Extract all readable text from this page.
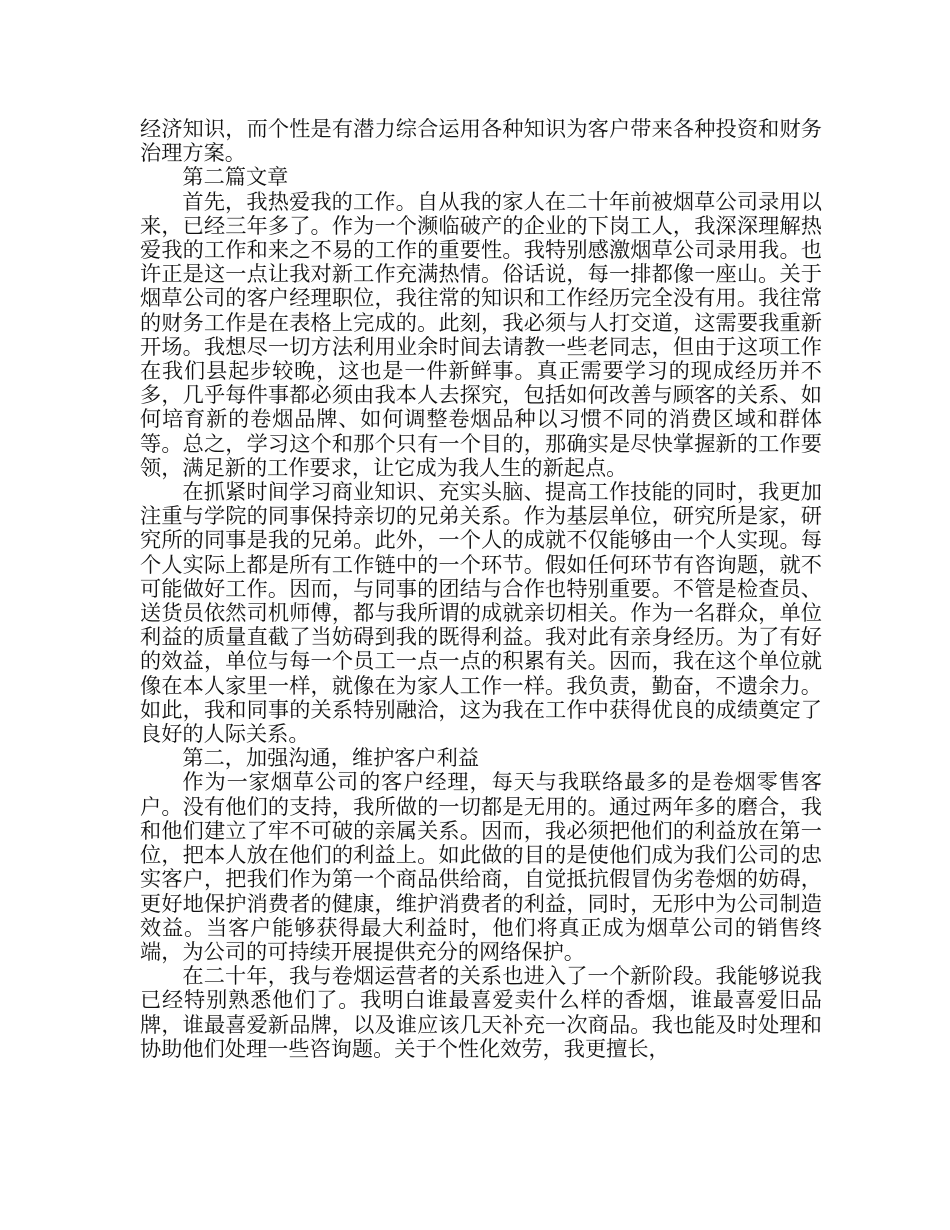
经济知识，而个性是有潜力综合运用各种知识为客户带来各种投资和财务治理方案。

第二篇文章

首先，我热爱我的工作。自从我的家人在二十年前被烟草公司录用以来，已经三年多了。作为一个濒临破产的企业的下岗工人，我深深理解热爱我的工作和来之不易的工作的重要性。我特别感激烟草公司录用我。也许正是这一点让我对新工作充满热情。俗话说，每一排都像一座山。关于烟草公司的客户经理职位，我往常的知识和工作经历完全没有用。我往常的财务工作是在表格上完成的。此刻，我必须与人打交道，这需要我重新开场。我想尽一切方法利用业余时间去请教一些老同志，但由于这项工作在我们县起步较晚，这也是一件新鲜事。真正需要学习的现成经历并不多，几乎每件事都必须由我本人去探究，包括如何改善与顾客的关系、如何培育新的卷烟品牌、如何调整卷烟品种以习惯不同的消费区域和群体等。总之，学习这个和那个只有一个目的，那确实是尽快掌握新的工作要领，满足新的工作要求，让它成为我人生的新起点。

在抓紧时间学习商业知识、充实头脑、提高工作技能的同时，我更加注重与学院的同事保持亲切的兄弟关系。作为基层单位，研究所是家，研究所的同事是我的兄弟。此外，一个人的成就不仅能够由一个人实现。每个人实际上都是所有工作链中的一个环节。假如任何环节有咨询题，就不可能做好工作。因而，与同事的团结与合作也特别重要。不管是检查员、送货员依然司机师傅，都与我所谓的成就亲切相关。作为一名群众，单位利益的质量直截了当妨碍到我的既得利益。我对此有亲身经历。为了有好的效益，单位与每一个员工一点一点的积累有关。因而，我在这个单位就像在本人家里一样，就像在为家人工作一样。我负责，勤奋，不遗余力。如此，我和同事的关系特别融洽，这为我在工作中获得优良的成绩奠定了良好的人际关系。

第二，加强沟通，维护客户利益

作为一家烟草公司的客户经理，每天与我联络最多的是卷烟零售客户。没有他们的支持，我所做的一切都是无用的。通过两年多的磨合，我和他们建立了牢不可破的亲属关系。因而，我必须把他们的利益放在第一位，把本人放在他们的利益上。如此做的目的是使他们成为我们公司的忠实客户，把我们作为第一个商品供给商，自觉抵抗假冒伪劣卷烟的妨碍，更好地保护消费者的健康，维护消费者的利益，同时，无形中为公司制造效益。当客户能够获得最大利益时，他们将真正成为烟草公司的销售终端，为公司的可持续开展提供充分的网络保护。

在二十年，我与卷烟运营者的关系也进入了一个新阶段。我能够说我已经特别熟悉他们了。我明白谁最喜爱卖什么样的香烟，谁最喜爱旧品牌，谁最喜爱新品牌，以及谁应该几天补充一次商品。我也能及时处理和协助他们处理一些咨询题。关于个性化效劳，我更擅长，
